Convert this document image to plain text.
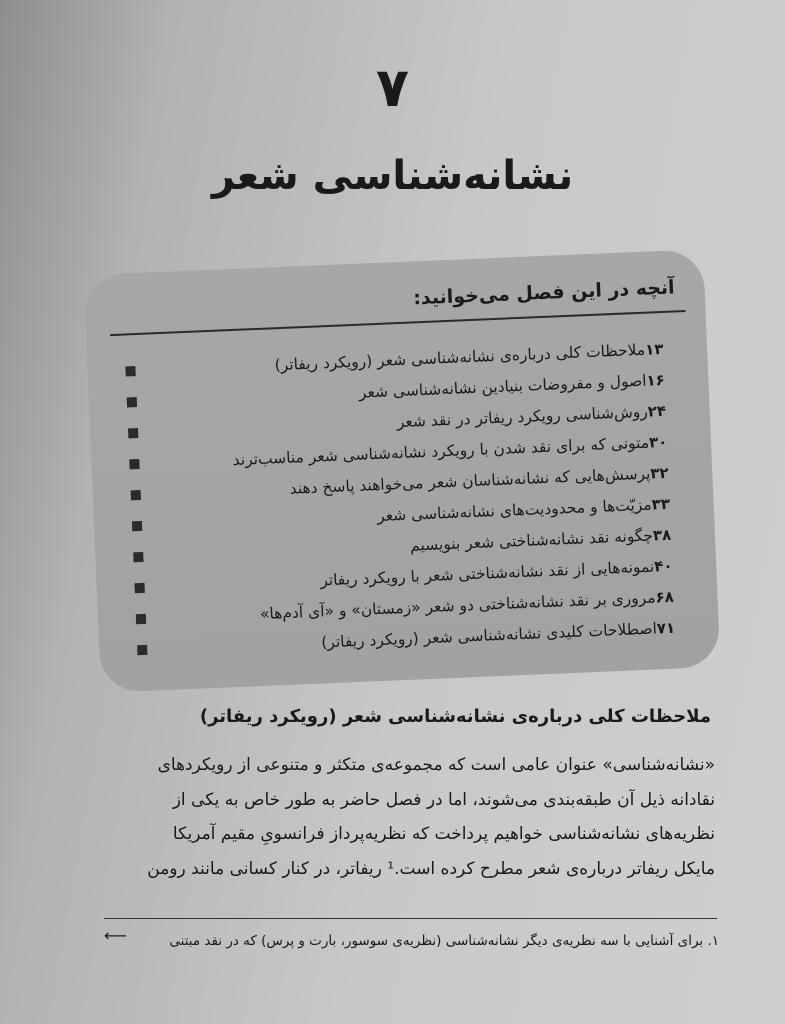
۷
نشانه‌شناسی شعر
آنچه در این فصل می‌خوانید:
ملاحظات کلی درباره‌ی نشانه‌شناسی شعر (رویکرد ریفاتر) ۱۳
اصول و مفروضات بنیادین نشانه‌شناسی شعر ۱۶
روش‌شناسی رویکرد ریفاتر در نقد شعر ۲۴
متونی که برای نقد شدن با رویکرد نشانه‌شناسی شعر مناسب‌ترند ۳۰
پرسش‌هایی که نشانه‌شناسان شعر می‌خواهند پاسخ دهند ۳۲
مزیّت‌ها و محدودیت‌های نشانه‌شناسی شعر ۳۳
چگونه نقد نشانه‌شناختی شعر بنویسیم ۳۸
نمونه‌هایی از نقد نشانه‌شناختی شعر با رویکرد ریفاتر ۴۰
مروری بر نقد نشانه‌شناختی دو شعر «زمستان» و «آی آدم‌ها» ۶۸
اصطلاحات کلیدی نشانه‌شناسی شعر (رویکرد ریفاتر) ۷۱
ملاحظات کلی درباره‌ی نشانه‌شناسی شعر (رویکرد ریفاتر)
«نشانه‌شناسی» عنوان عامی است که مجموعه‌ی متکثر و متنوعی از رویکردهای
نقادانه ذیل آن طبقه‌بندی می‌شوند، اما در فصل حاضر به طور خاص به یکی از
نظریه‌های نشانه‌شناسی خواهیم پرداخت که نظریه‌پرداز فرانسویِ مقیم آمریکا
مایکل ریفاتر درباره‌ی شعر مطرح کرده است.¹ ریفاتر، در کنار کسانی مانند رومن
۱. برای آشنایی با سه نظریه‌ی دیگر نشانه‌شناسی (نظریه‌ی سوسور، بارت و پرس) که در نقد مبتنی
⟵
